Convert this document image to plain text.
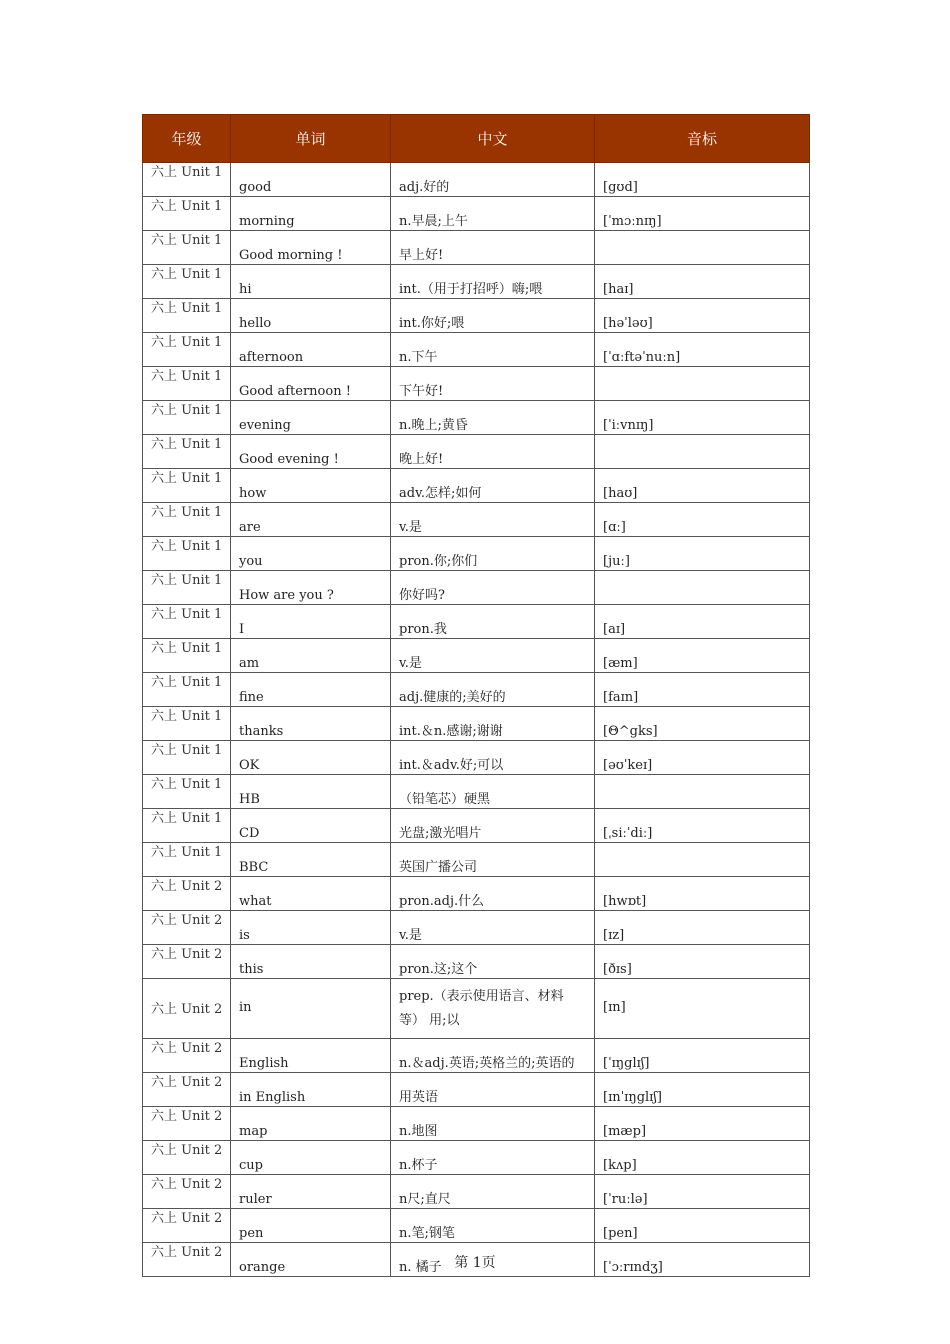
年级	单词	中文	音标

六上 Unit 1	good	adj.好的	[gʊd]

六上 Unit 1	morning	n.早晨;上午	[ˈmɔːnɪŋ]

六上 Unit 1	Good morning !	早上好!	

六上 Unit 1	hi	int.（用于打招呼）嗨;喂	[haɪ]

六上 Unit 1	hello	int.你好;喂	[həˈləʊ]

六上 Unit 1	afternoon	n.下午	[ˈɑːftəˈnuːn]

六上 Unit 1	Good afternoon !	下午好!	

六上 Unit 1	evening	n.晚上;黄昏	[ˈiːvnɪŋ]

六上 Unit 1	Good evening !	晚上好!	

六上 Unit 1	how	adv.怎样;如何	[haʊ]

六上 Unit 1	are	v.是	[ɑː]

六上 Unit 1	you	pron.你;你们	[juː]

六上 Unit 1	How are you ?	你好吗?	

六上 Unit 1	I	pron.我	[aɪ]

六上 Unit 1	am	v.是	[æm]

六上 Unit 1	fine	adj.健康的;美好的	[faɪn]

六上 Unit 1	thanks	int.＆n.感谢;谢谢	[Θ^gks]

六上 Unit 1	OK	int.＆adv.好;可以	[əʊˈkeɪ]

六上 Unit 1	HB	（铅笔芯）硬黑	

六上 Unit 1	CD	光盘;激光唱片	[ˌsiːˈdiː]

六上 Unit 1	BBC	英国广播公司	

六上 Unit 2	what	pron.adj.什么	[hwɒt]

六上 Unit 2	is	v.是	[ɪz]

六上 Unit 2	this	pron.这;这个	[ðɪs]

六上 Unit 2	in	prep.（表示使用语言、材料等） 用;以	[ɪn]

六上 Unit 2	English	n.＆adj.英语;英格兰的;英语的	[ˈɪŋglɪʃ]

六上 Unit 2	in English	用英语	[ɪnˈɪŋglɪʃ]

六上 Unit 2	map	n.地图	[mæp]

六上 Unit 2	cup	n.杯子	[kʌp]

六上 Unit 2	ruler	n尺;直尺	[ˈruːlə]

六上 Unit 2	pen	n.笔;钢笔	[pen]

六上 Unit 2	orange	n. 橘子	[ˈɔːrɪndʒ]
第 1页
